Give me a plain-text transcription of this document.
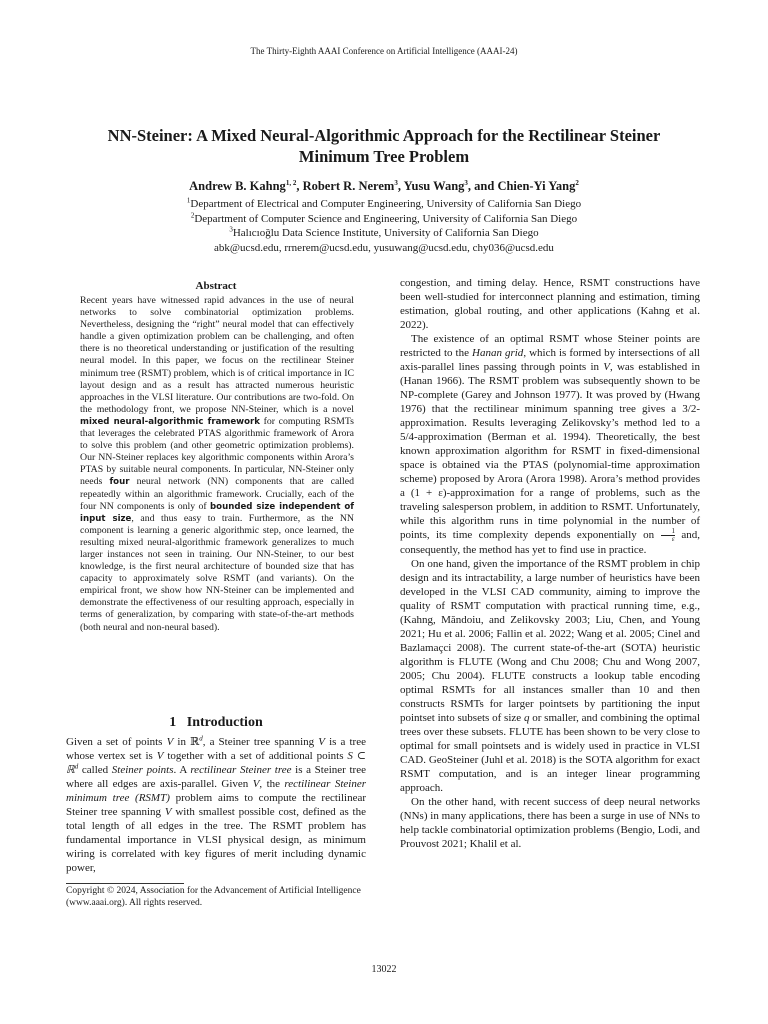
The Thirty-Eighth AAAI Conference on Artificial Intelligence (AAAI-24)
NN-Steiner: A Mixed Neural-Algorithmic Approach for the Rectilinear Steiner
Minimum Tree Problem
Andrew B. Kahng$^{1, 2}$, Robert R. Nerem$^3$, Yusu Wang$^3$, and Chien-Yi Yang$^2$
$^1$Department of Electrical and Computer Engineering, University of California San Diego
$^2$Department of Computer Science and Engineering, University of California San Diego
$^3$Halıcıoğlu Data Science Institute, University of California San Diego
abk@ucsd.edu, rrnerem@ucsd.edu, yusuwang@ucsd.edu, chy036@ucsd.edu
Abstract

Recent years have witnessed rapid advances in the use of neural networks to solve combinatorial optimization problems. Nevertheless, designing the “right” neural model that can effectively handle a given optimization problem can be challenging, and often there is no theoretical understanding or justification of the resulting neural model. In this paper, we focus on the rectilinear Steiner minimum tree (RSMT) problem, which is of critical importance in IC layout design and as a result has attracted numerous heuristic approaches in the VLSI literature. Our contributions are two-fold. On the methodology front, we propose NN-Steiner, which is a novel mixed neural-algorithmic framework for computing RSMTs that leverages the celebrated PTAS algorithmic framework of Arora to solve this problem (and other geometric optimization problems). Our NN-Steiner replaces key algorithmic components within Arora’s PTAS by suitable neural components. In particular, NN-Steiner only needs four neural network (NN) components that are called repeatedly within an algorithmic framework. Crucially, each of the four NN components is only of bounded size independent of input size, and thus easy to train. Furthermore, as the NN component is learning a generic algorithmic step, once learned, the resulting mixed neural-algorithmic framework generalizes to much larger instances not seen in training. Our NN-Steiner, to our best knowledge, is the first neural architecture of bounded size that has capacity to approximately solve RSMT (and variants). On the empirical front, we show how NN-Steiner can be implemented and demonstrate the effectiveness of our resulting approach, especially in terms of generalization, by comparing with state-of-the-art methods (both neural and non-neural based).

1 Introduction

Given a set of points V in ℝ$^d$, a Steiner tree spanning V is a tree whose vertex set is V together with a set of additional points S ⊂ ℝ$^d$ called Steiner points. A rectilinear Steiner tree is a Steiner tree where all edges are axis-parallel. Given V, the rectilinear Steiner minimum tree (RSMT) problem aims to compute the rectilinear Steiner tree spanning V with smallest possible cost, defined as the total length of all edges in the tree. The RSMT problem has fundamental importance in VLSI physical design, as minimum wiring is correlated with key figures of merit including dynamic power,

Copyright © 2024, Association for the Advancement of Artificial Intelligence (www.aaai.org). All rights reserved.

congestion, and timing delay. Hence, RSMT constructions have been well-studied for interconnect planning and estimation, timing estimation, global routing, and other applications (Kahng et al. 2022).

The existence of an optimal RSMT whose Steiner points are restricted to the Hanan grid, which is formed by intersections of all axis-parallel lines passing through points in V, was established in (Hanan 1966). The RSMT problem was subsequently shown to be NP-complete (Garey and Johnson 1977). It was proved by (Hwang 1976) that the rectilinear minimum spanning tree gives a 3/2-approximation. Results leveraging Zelikovsky’s method led to a 5/4-approximation (Berman et al. 1994). Theoretically, the best known approximation algorithm for RSMT in fixed-dimensional space is obtained via the PTAS (polynomial-time approximation scheme) proposed by Arora (Arora 1998). Arora’s method provides a (1 + ε)-approximation for a range of problems, such as the traveling salesperson problem, in addition to RSMT. Unfortunately, while this algorithm runs in time polynomial in the number of points, its time complexity depends exponentially on $\frac{1}{\varepsilon}$ and, consequently, the method has yet to find use in practice.

On one hand, given the importance of the RSMT problem in chip design and its intractability, a large number of heuristics have been developed in the VLSI CAD community, aiming to improve the quality of RSMT computation with practical running time, e.g., (Kahng, Măndoiu, and Zelikovsky 2003; Liu, Chen, and Young 2021; Hu et al. 2006; Fallin et al. 2022; Wang et al. 2005; Cinel and Bazlamaçci 2008). The current state-of-the-art (SOTA) heuristic algorithm is FLUTE (Wong and Chu 2008; Chu and Wong 2007, 2005; Chu 2004). FLUTE constructs a lookup table encoding optimal RSMTs for all instances smaller than 10 and then constructs RSMTs for larger pointsets by partitioning the input pointset into subsets of size q or smaller, and combining the optimal trees over these subsets. FLUTE has been shown to be very close to optimal for small pointsets and is widely used in practice in VLSI CAD. GeoSteiner (Juhl et al. 2018) is the SOTA algorithm for exact RSMT computation, and is an integer linear programming approach.

On the other hand, with recent success of deep neural networks (NNs) in many applications, there has been a surge in use of NNs to help tackle combinatorial optimization problems (Bengio, Lodi, and Prouvost 2021; Khalil et al.

13022
